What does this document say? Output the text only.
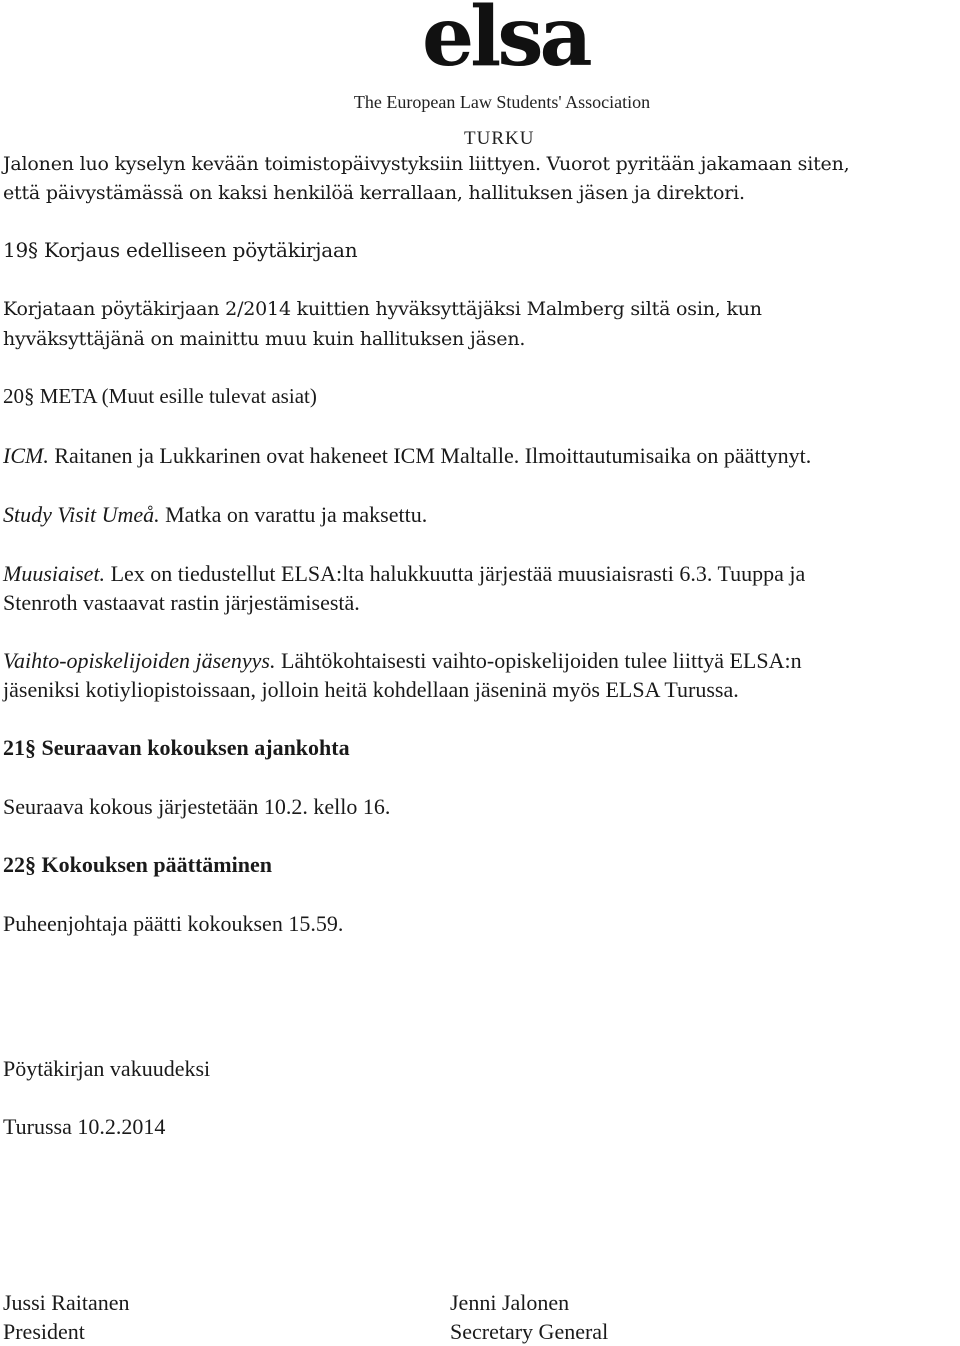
elsa
The European Law Students' Association
TURKU

Jalonen luo kyselyn kevään toimistopäivystyksiin liittyen. Vuorot pyritään jakamaan siten,

että päivystämässä on kaksi henkilöä kerrallaan, hallituksen jäsen ja direktori.

19§ Korjaus edelliseen pöytäkirjaan

Korjataan pöytäkirjaan 2/2014 kuittien hyväksyttäjäksi Malmberg siltä osin, kun

hyväksyttäjänä on mainittu muu kuin hallituksen jäsen.

20§ META (Muut esille tulevat asiat)

ICM. Raitanen ja Lukkarinen ovat hakeneet ICM Maltalle. Ilmoittautumisaika on päättynyt.

Study Visit Umeå. Matka on varattu ja maksettu.

Muusiaiset. Lex on tiedustellut ELSA:lta halukkuutta järjestää muusiaisrasti 6.3. Tuuppa ja

Stenroth vastaavat rastin järjestämisestä.

Vaihto-opiskelijoiden jäsenyys. Lähtökohtaisesti vaihto-opiskelijoiden tulee liittyä ELSA:n

jäseniksi kotiyliopistoissaan, jolloin heitä kohdellaan jäseninä myös ELSA Turussa.

21§ Seuraavan kokouksen ajankohta

Seuraava kokous järjestetään 10.2. kello 16.

22§ Kokouksen päättäminen

Puheenjohtaja päätti kokouksen 15.59.

Pöytäkirjan vakuudeksi

Turussa 10.2.2014

Jussi Raitanen

President

Jenni Jalonen

Secretary General
